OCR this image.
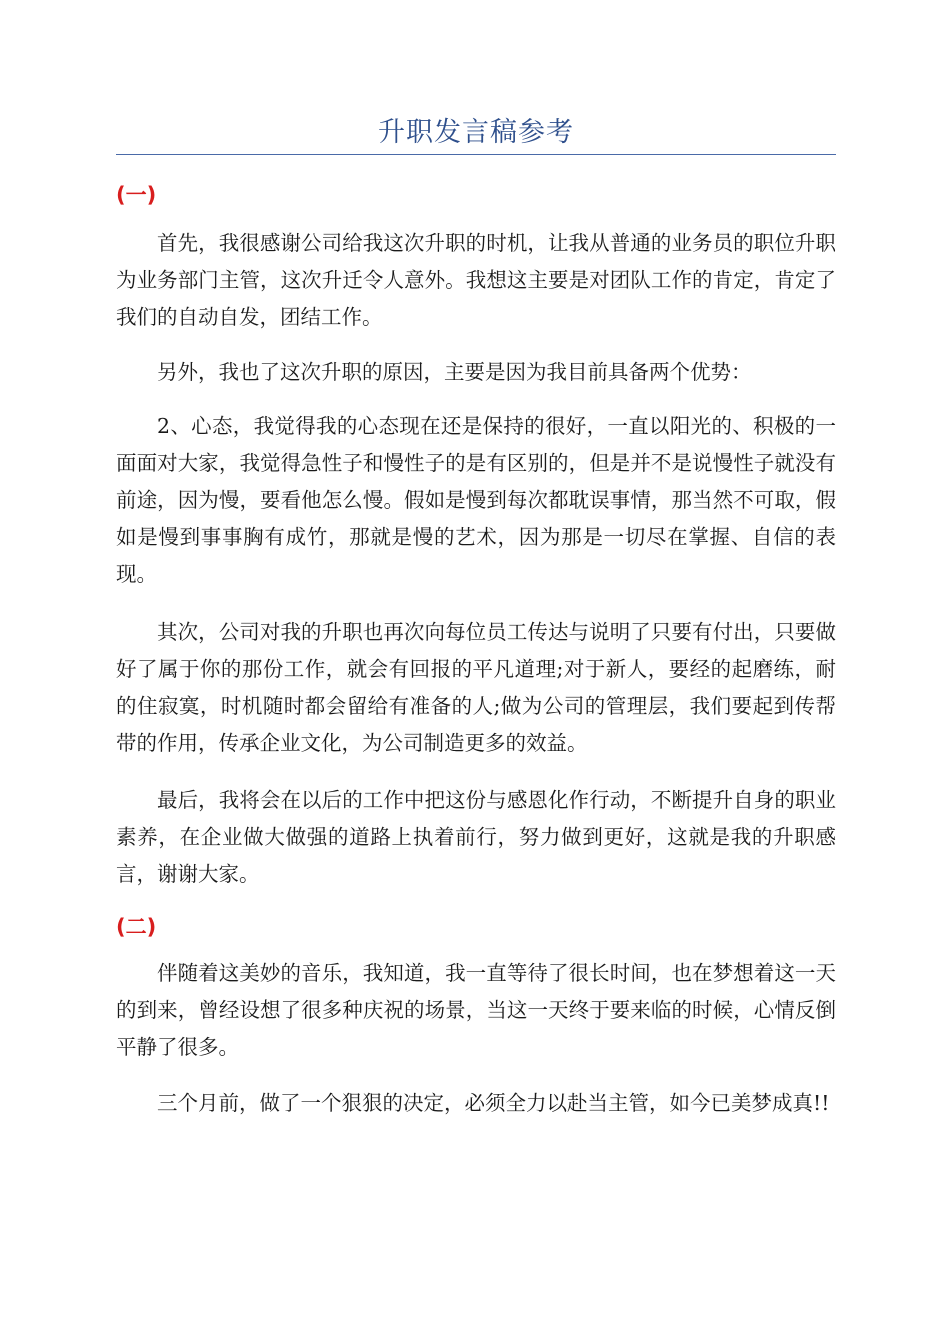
升职发言稿参考
(一)

首先，我很感谢公司给我这次升职的时机，让我从普通的业务员的职位升职为业务部门主管，这次升迁令人意外。我想这主要是对团队工作的肯定，肯定了我们的自动自发，团结工作。

另外，我也了这次升职的原因，主要是因为我目前具备两个优势：

2、心态，我觉得我的心态现在还是保持的很好，一直以阳光的、积极的一面面对大家，我觉得急性子和慢性子的是有区别的，但是并不是说慢性子就没有前途，因为慢，要看他怎么慢。假如是慢到每次都耽误事情，那当然不可取，假如是慢到事事胸有成竹，那就是慢的艺术，因为那是一切尽在掌握、自信的表现。

其次，公司对我的升职也再次向每位员工传达与说明了只要有付出，只要做好了属于你的那份工作，就会有回报的平凡道理;对于新人，要经的起磨练，耐的住寂寞，时机随时都会留给有准备的人;做为公司的管理层，我们要起到传帮带的作用，传承企业文化，为公司制造更多的效益。

最后，我将会在以后的工作中把这份与感恩化作行动，不断提升自身的职业素养，在企业做大做强的道路上执着前行，努力做到更好，这就是我的升职感言，谢谢大家。

(二)

伴随着这美妙的音乐，我知道，我一直等待了很长时间，也在梦想着这一天的到来，曾经设想了很多种庆祝的场景，当这一天终于要来临的时候，心情反倒平静了很多。

三个月前，做了一个狠狠的决定，必须全力以赴当主管，如今已美梦成真!!
